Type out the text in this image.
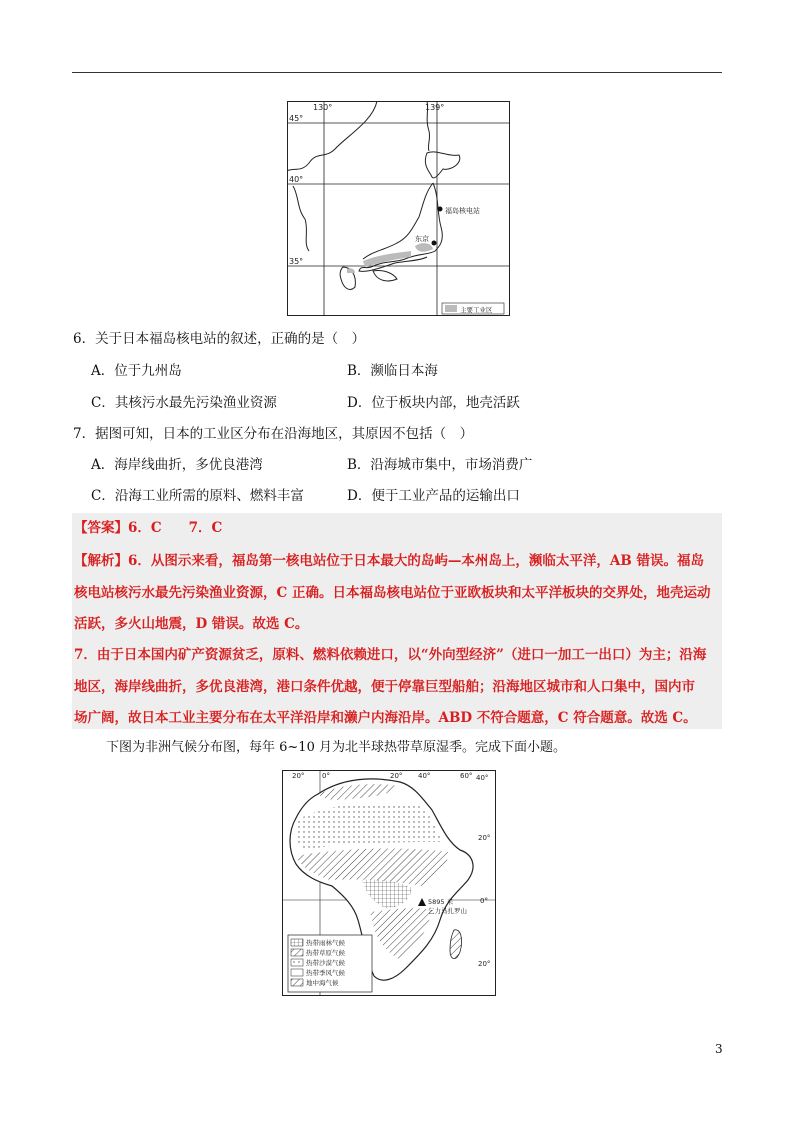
130°	139°
45°
40°
35°
福岛核电站
东京
主要工业区
6．关于日本福岛核电站的叙述，正确的是（　）
A．位于九州岛	B．濒临日本海
C．其核污水最先污染渔业资源	D．位于板块内部，地壳活跃
7．据图可知，日本的工业区分布在沿海地区，其原因不包括（　）
A．海岸线曲折，多优良港湾	B．沿海城市集中，市场消费广
C．沿海工业所需的原料、燃料丰富	D．便于工业产品的运输出口
【答案】6．C　　7．C
【解析】6．从图示来看，福岛第一核电站位于日本最大的岛屿—本州岛上，濒临太平洋，AB 错误。福岛
核电站核污水最先污染渔业资源，C 正确。日本福岛核电站位于亚欧板块和太平洋板块的交界处，地壳运动
活跃，多火山地震，D 错误。故选 C。
7．由于日本国内矿产资源贫乏，原料、燃料依赖进口，以“外向型经济”（进口一加工一出口）为主；沿海
地区，海岸线曲折，多优良港湾，港口条件优越，便于停靠巨型船舶；沿海地区城市和人口集中，国内市
场广阔，故日本工业主要分布在太平洋沿岸和濑户内海沿岸。ABD 不符合题意，C 符合题意。故选 C。
下图为非洲气候分布图，每年 6~10 月为北半球热带草原湿季。完成下面小题。
20°	0°	20° 40°	60° 40°
20°
0°
20°
5895 米
乞力马扎罗山
热带雨林气候
热带草原气候
热带沙漠气候
热带季风气候
地中海气候
3
